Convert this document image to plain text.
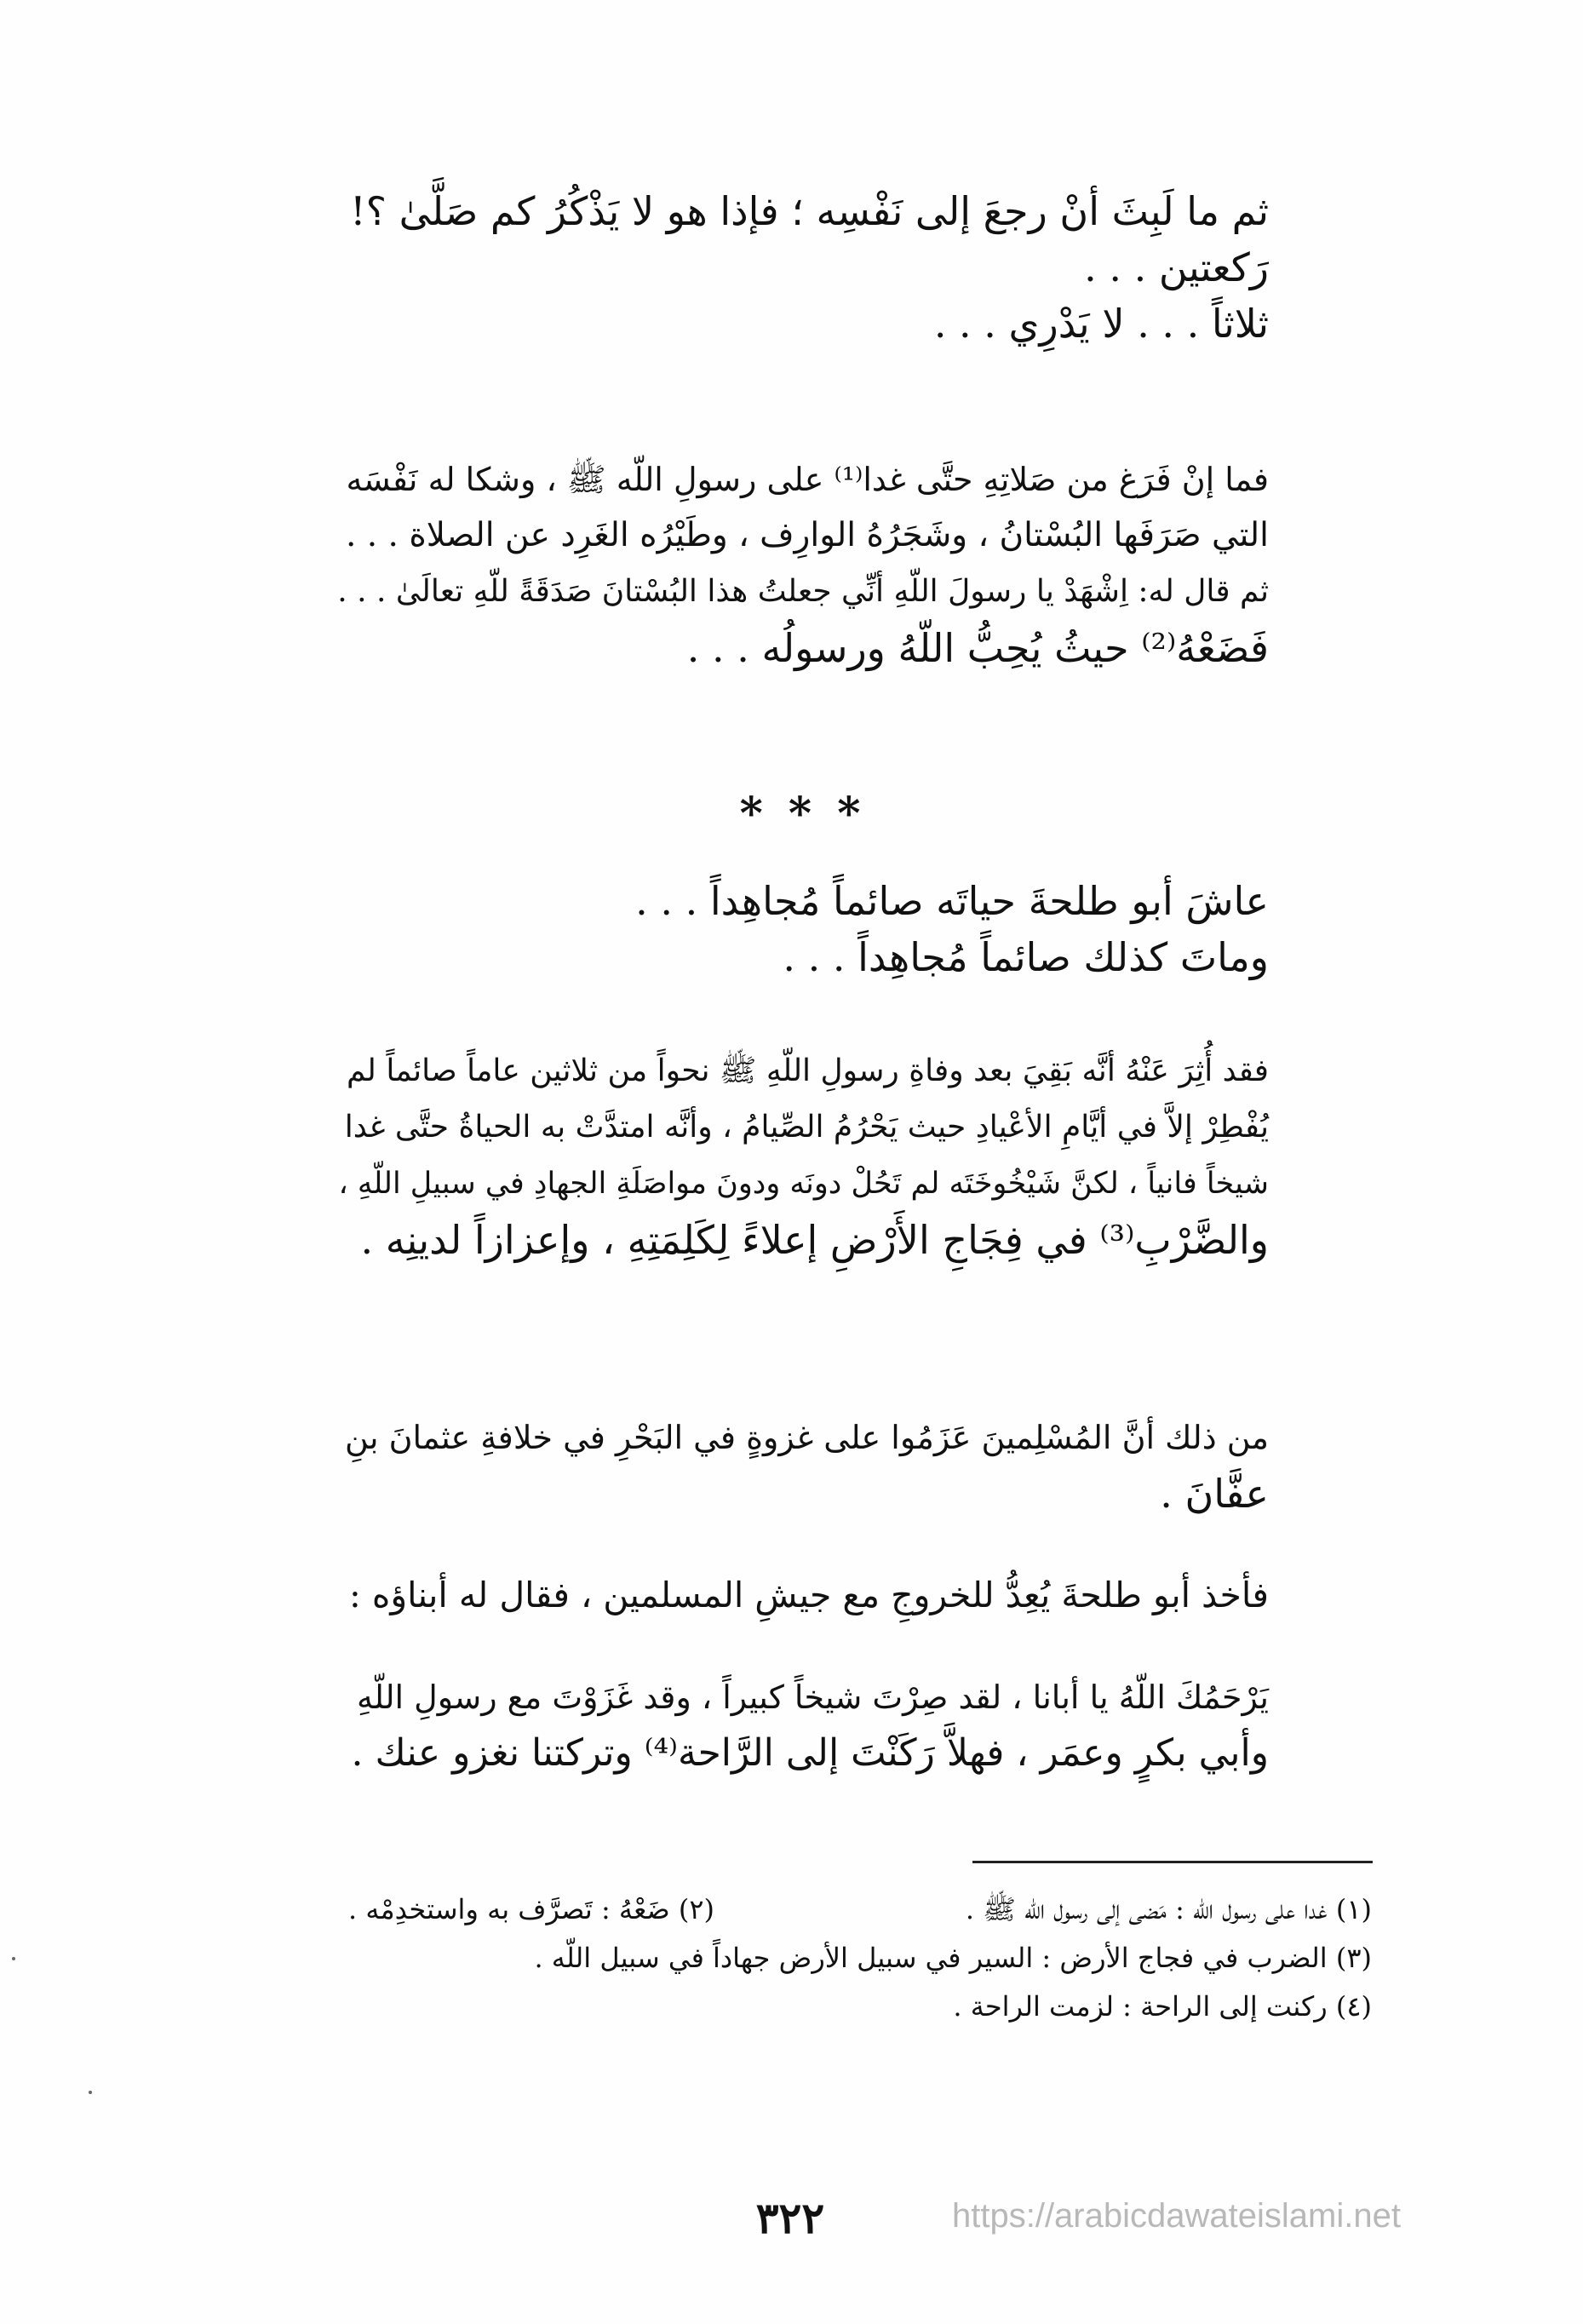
ثم ما لَبِثَ أنْ رجعَ إلى نَفْسِه ؛ فإذا هو لا يَذْكُرُ كم صَلَّىٰ ؟!
رَكعتين . . .
ثلاثاً . . . لا يَدْرِي . . .
فما إنْ فَرَغ من صَلاتِهِ حتَّى غدا⁽¹⁾ على رسولِ اللّه ﷺ ، وشكا له نَفْسَه
التي صَرَفَها البُسْتانُ ، وشَجَرُهُ الوارِف ، وطَيْرُه الغَرِد عن الصلاة . . .
ثم قال له: اِشْهَدْ يا رسولَ اللّهِ أنِّي جعلتُ هذا البُسْتانَ صَدَقَةً للّهِ تعالَىٰ . . .
فَضَعْهُ⁽²⁾ حيثُ يُحِبُّ اللّهُ ورسولُه . . .
* * *
عاشَ أبو طلحةَ حياتَه صائماً مُجاهِداً . . .
وماتَ كذلك صائماً مُجاهِداً . . .
فقد أُثِرَ عَنْهُ أنَّه بَقِيَ بعد وفاةِ رسولِ اللّهِ ﷺ نحواً من ثلاثين عاماً صائماً لم
يُفْطِرْ إلاَّ في أيَّامِ الأعْيادِ حيث يَحْرُمُ الصِّيامُ ، وأنَّه امتدَّتْ به الحياةُ حتَّى غدا
شيخاً فانياً ، لكنَّ شَيْخُوخَتَه لم تَحُلْ دونَه ودونَ مواصَلَةِ الجهادِ في سبيلِ اللّهِ ،
والضَّرْبِ⁽³⁾ في فِجَاجِ الأَرْضِ إعلاءً لِكَلِمَتِهِ ، وإعزازاً لدينِه .
من ذلك أنَّ المُسْلِمينَ عَزَمُوا على غزوةٍ في البَحْرِ في خلافةِ عثمانَ بنِ
عفَّانَ .
فأخذ أبو طلحةَ يُعِدُّ للخروجِ مع جيشِ المسلمين ، فقال له أبناؤه :
يَرْحَمُكَ اللّهُ يا أبانا ، لقد صِرْتَ شيخاً كبيراً ، وقد غَزَوْتَ مع رسولِ اللّهِ
وأبي بكرٍ وعمَر ، فهلاَّ رَكَنْتَ إلى الرَّاحة⁽⁴⁾ وتركتنا نغزو عنك .
(١) غدا على رسول اللّه : مَضى إلى رسول اللّه ﷺ .
(٢) ضَعْهُ : تَصرَّف به واستخدِمْه .
(٣) الضرب في فجاج الأرض : السير في سبيل الأرض جهاداً في سبيل اللّه .
(٤) ركنت إلى الراحة : لزمت الراحة .
٣٢٢	https://arabicdawateislami.net
